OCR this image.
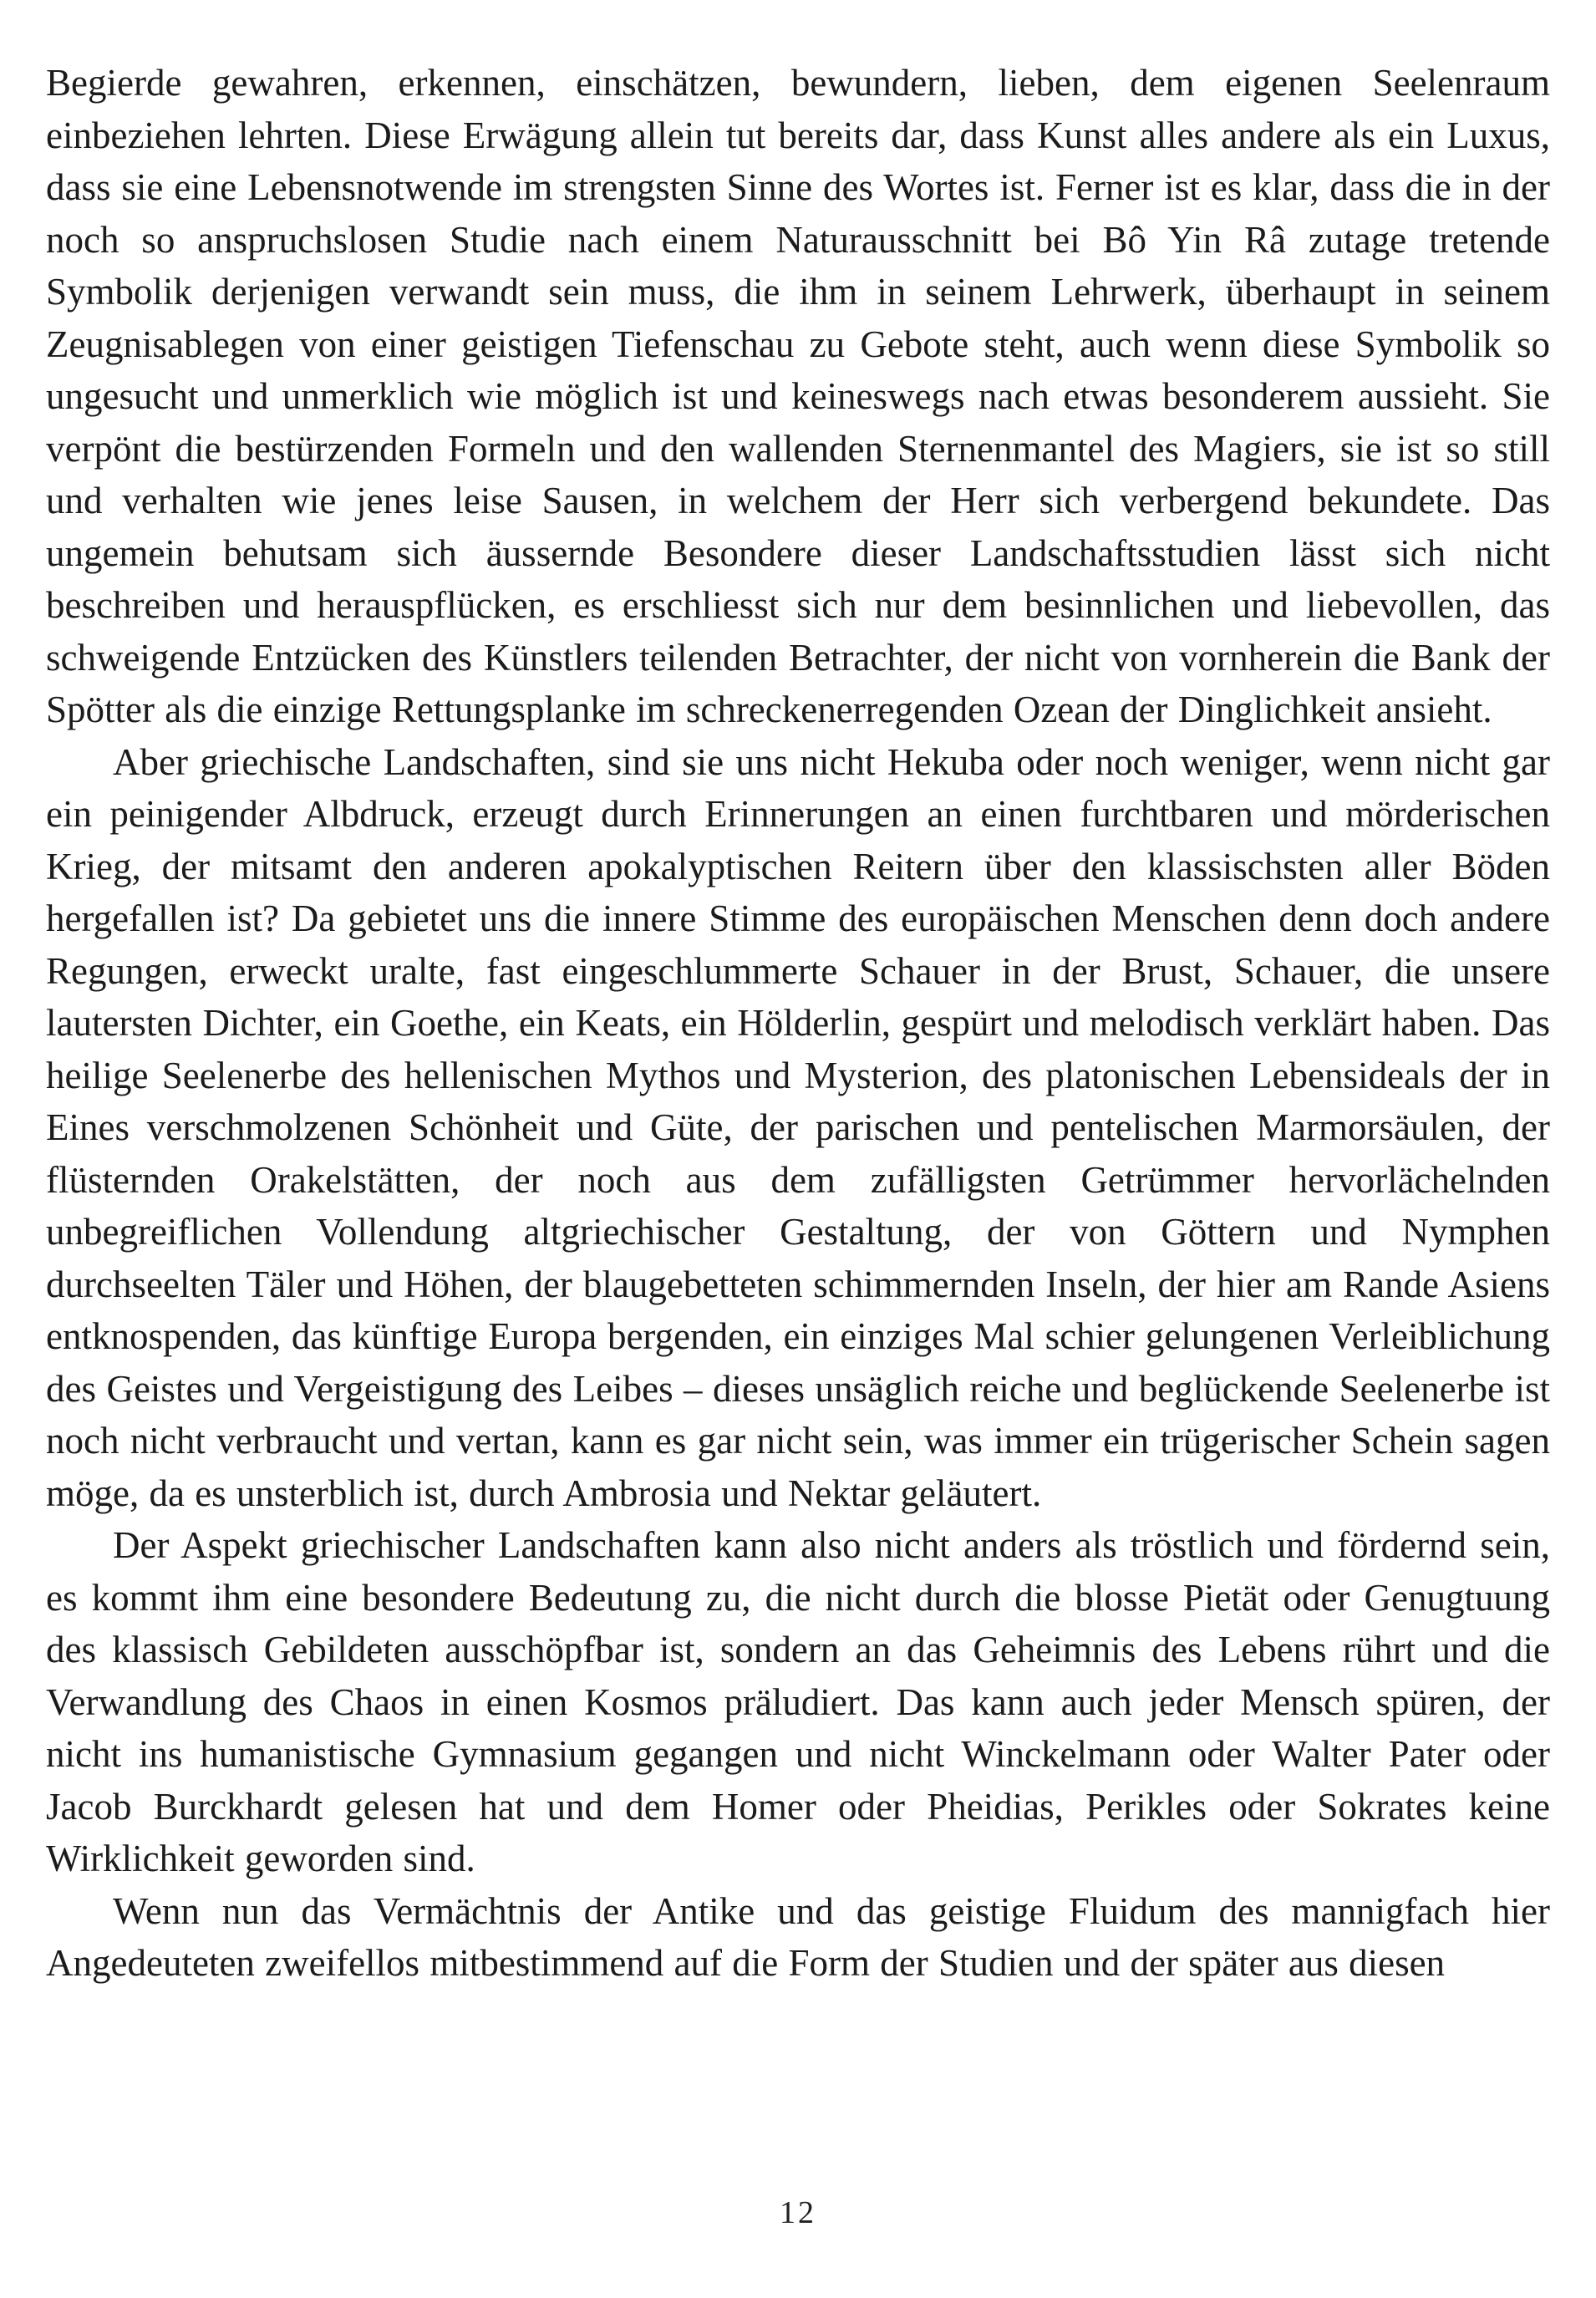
Begierde gewahren, erkennen, einschätzen, bewundern, lieben, dem eigenen Seelenraum einbeziehen lehrten. Diese Erwägung allein tut bereits dar, dass Kunst alles andere als ein Luxus, dass sie eine Lebensnotwende im strengsten Sinne des Wortes ist. Ferner ist es klar, dass die in der noch so anspruchslosen Studie nach einem Naturausschnitt bei Bô Yin Râ zutage tretende Symbolik derjenigen verwandt sein muss, die ihm in seinem Lehrwerk, überhaupt in seinem Zeugnisablegen von einer geistigen Tiefenschau zu Gebote steht, auch wenn diese Symbolik so ungesucht und unmerklich wie möglich ist und keineswegs nach etwas besonderem aussieht. Sie verpönt die bestürzenden Formeln und den wallenden Sternenmantel des Magiers, sie ist so still und verhalten wie jenes leise Sausen, in welchem der Herr sich verbergend bekundete. Das ungemein behutsam sich äussernde Besondere dieser Landschaftsstudien lässt sich nicht beschreiben und herauspflücken, es erschliesst sich nur dem besinnlichen und liebevollen, das schweigende Entzücken des Künstlers teilenden Betrachter, der nicht von vornherein die Bank der Spötter als die einzige Rettungsplanke im schreckenerregenden Ozean der Dinglichkeit ansieht.

Aber griechische Landschaften, sind sie uns nicht Hekuba oder noch weniger, wenn nicht gar ein peinigender Albdruck, erzeugt durch Erinnerungen an einen furchtbaren und mörderischen Krieg, der mitsamt den anderen apokalyptischen Reitern über den klassischsten aller Böden hergefallen ist? Da gebietet uns die innere Stimme des europäischen Menschen denn doch andere Regungen, erweckt uralte, fast eingeschlummerte Schauer in der Brust, Schauer, die unsere lautersten Dichter, ein Goethe, ein Keats, ein Hölderlin, gespürt und melodisch verklärt haben. Das heilige Seelenerbe des hellenischen Mythos und Mysterion, des platonischen Lebensideals der in Eines verschmolzenen Schönheit und Güte, der parischen und pentelischen Marmorsäulen, der flüsternden Orakelstätten, der noch aus dem zufälligsten Getrümmer hervorlächelnden unbegreiflichen Vollendung altgriechischer Gestaltung, der von Göttern und Nymphen durchseelten Täler und Höhen, der blaugebetteten schimmernden Inseln, der hier am Rande Asiens entknospenden, das künftige Europa bergenden, ein einziges Mal schier gelungenen Verleiblichung des Geistes und Vergeistigung des Leibes – dieses unsäglich reiche und beglückende Seelenerbe ist noch nicht verbraucht und vertan, kann es gar nicht sein, was immer ein trügerischer Schein sagen möge, da es unsterblich ist, durch Ambrosia und Nektar geläutert.

Der Aspekt griechischer Landschaften kann also nicht anders als tröstlich und fördernd sein, es kommt ihm eine besondere Bedeutung zu, die nicht durch die blosse Pietät oder Genugtuung des klassisch Gebildeten ausschöpfbar ist, sondern an das Geheimnis des Lebens rührt und die Verwandlung des Chaos in einen Kosmos präludiert. Das kann auch jeder Mensch spüren, der nicht ins humanistische Gymnasium gegangen und nicht Winckelmann oder Walter Pater oder Jacob Burckhardt gelesen hat und dem Homer oder Pheidias, Perikles oder Sokrates keine Wirklichkeit geworden sind.

Wenn nun das Vermächtnis der Antike und das geistige Fluidum des mannigfach hier Angedeuteten zweifellos mitbestimmend auf die Form der Studien und der später aus diesen

12
